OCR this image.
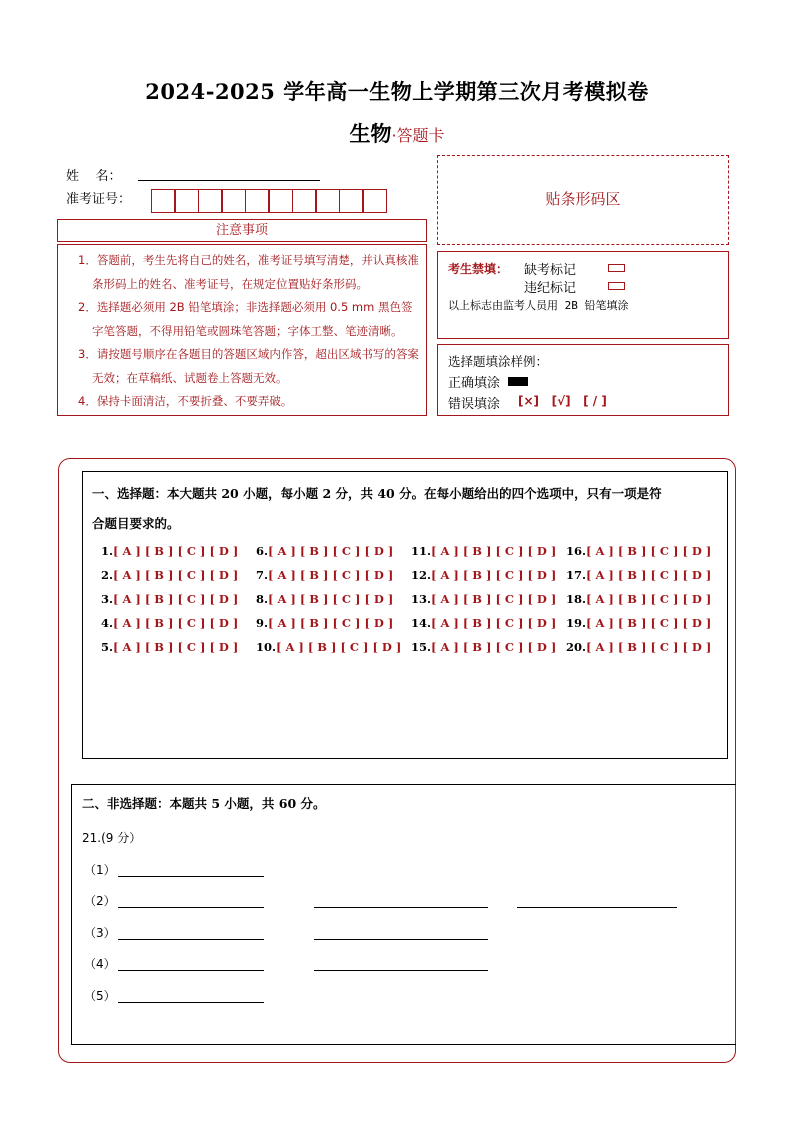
2024-2025 学年高一生物上学期第三次月考模拟卷
生物·答题卡
姓    名：
准考证号：
注意事项

1．答题前，考生先将自己的姓名，准考证号填写清楚，并认真核准条形码上的姓名、准考证号，在规定位置贴好条形码。

2．选择题必须用 2B 铅笔填涂；非选择题必须用 0.5 mm 黑色签字笔答题，不得用铅笔或圆珠笔答题；字体工整、笔迹清晰。

3．请按题号顺序在各题目的答题区域内作答，超出区域书写的答案无效；在草稿纸、试题卷上答题无效。

4．保持卡面清洁，不要折叠、不要弄破。

贴条形码区
考生禁填： 缺考标记
违纪标记
以上标志由监考人员用 2B 铅笔填涂
选择题填涂样例：
正确填涂
错误填涂 [×] [√] [ / ]
一、选择题：本大题共 20 小题，每小题 2 分，共 40 分。在每小题给出的四个选项中，只有一项是符
合题目要求的。
1.[ A ] [ B ] [ C ] [ D ]
2.[ A ] [ B ] [ C ] [ D ]
3.[ A ] [ B ] [ C ] [ D ]
4.[ A ] [ B ] [ C ] [ D ]
5.[ A ] [ B ] [ C ] [ D ]
6.[ A ] [ B ] [ C ] [ D ]
7.[ A ] [ B ] [ C ] [ D ]
8.[ A ] [ B ] [ C ] [ D ]
9.[ A ] [ B ] [ C ] [ D ]
10.[ A ] [ B ] [ C ] [ D ]
11.[ A ] [ B ] [ C ] [ D ]
12.[ A ] [ B ] [ C ] [ D ]
13.[ A ] [ B ] [ C ] [ D ]
14.[ A ] [ B ] [ C ] [ D ]
15.[ A ] [ B ] [ C ] [ D ]
16.[ A ] [ B ] [ C ] [ D ]
17.[ A ] [ B ] [ C ] [ D ]
18.[ A ] [ B ] [ C ] [ D ]
19.[ A ] [ B ] [ C ] [ D ]
20.[ A ] [ B ] [ C ] [ D ]
二、非选择题：本题共 5 小题，共 60 分。
21.(9 分）
（1）
（2）
（3）
（4）
（5）
